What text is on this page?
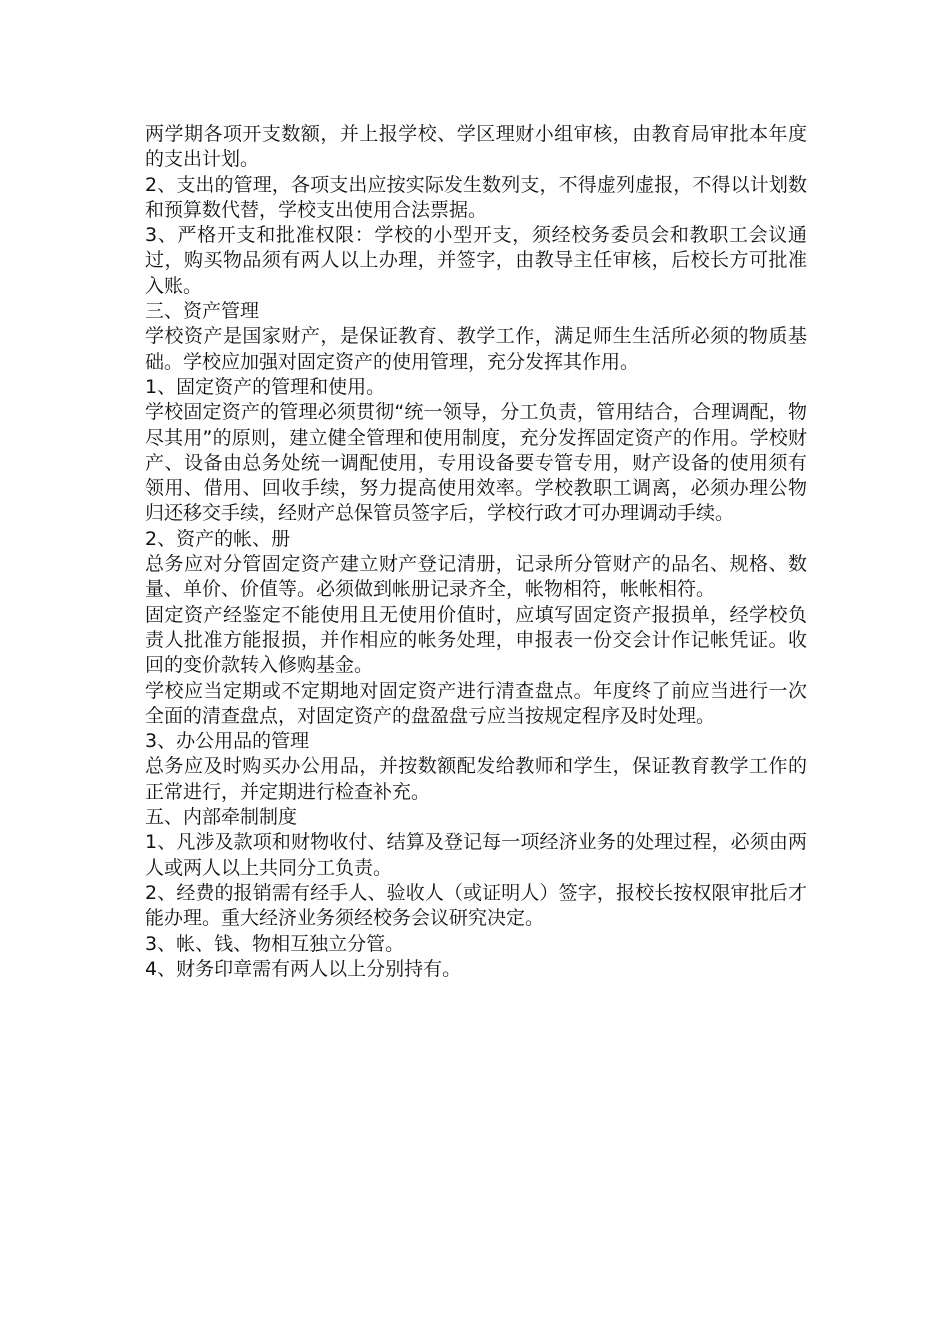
两学期各项开支数额，并上报学校、学区理财小组审核，由教育局审批本年度的支出计划。

2、支出的管理，各项支出应按实际发生数列支，不得虚列虚报，不得以计划数和预算数代替，学校支出使用合法票据。

3、严格开支和批准权限：学校的小型开支，须经校务委员会和教职工会议通过，购买物品须有两人以上办理，并签字，由教导主任审核，后校长方可批准入账。

三、资产管理

学校资产是国家财产，是保证教育、教学工作，满足师生生活所必须的物质基础。学校应加强对固定资产的使用管理，充分发挥其作用。

1、固定资产的管理和使用。

学校固定资产的管理必须贯彻“统一领导，分工负责，管用结合，合理调配，物尽其用”的原则，建立健全管理和使用制度，充分发挥固定资产的作用。学校财产、设备由总务处统一调配使用，专用设备要专管专用，财产设备的使用须有领用、借用、回收手续，努力提高使用效率。学校教职工调离，必须办理公物归还移交手续，经财产总保管员签字后，学校行政才可办理调动手续。

2、资产的帐、册

总务应对分管固定资产建立财产登记清册，记录所分管财产的品名、规格、数量、单价、价值等。必须做到帐册记录齐全，帐物相符，帐帐相符。

固定资产经鉴定不能使用且无使用价值时，应填写固定资产报损单，经学校负责人批准方能报损，并作相应的帐务处理，申报表一份交会计作记帐凭证。收回的变价款转入修购基金。

学校应当定期或不定期地对固定资产进行清查盘点。年度终了前应当进行一次全面的清查盘点，对固定资产的盘盈盘亏应当按规定程序及时处理。

3、办公用品的管理

总务应及时购买办公用品，并按数额配发给教师和学生，保证教育教学工作的正常进行，并定期进行检查补充。

五、内部牵制制度

1、凡涉及款项和财物收付、结算及登记每一项经济业务的处理过程，必须由两人或两人以上共同分工负责。

2、经费的报销需有经手人、验收人（或证明人）签字，报校长按权限审批后才能办理。重大经济业务须经校务会议研究决定。

3、帐、钱、物相互独立分管。

4、财务印章需有两人以上分别持有。
